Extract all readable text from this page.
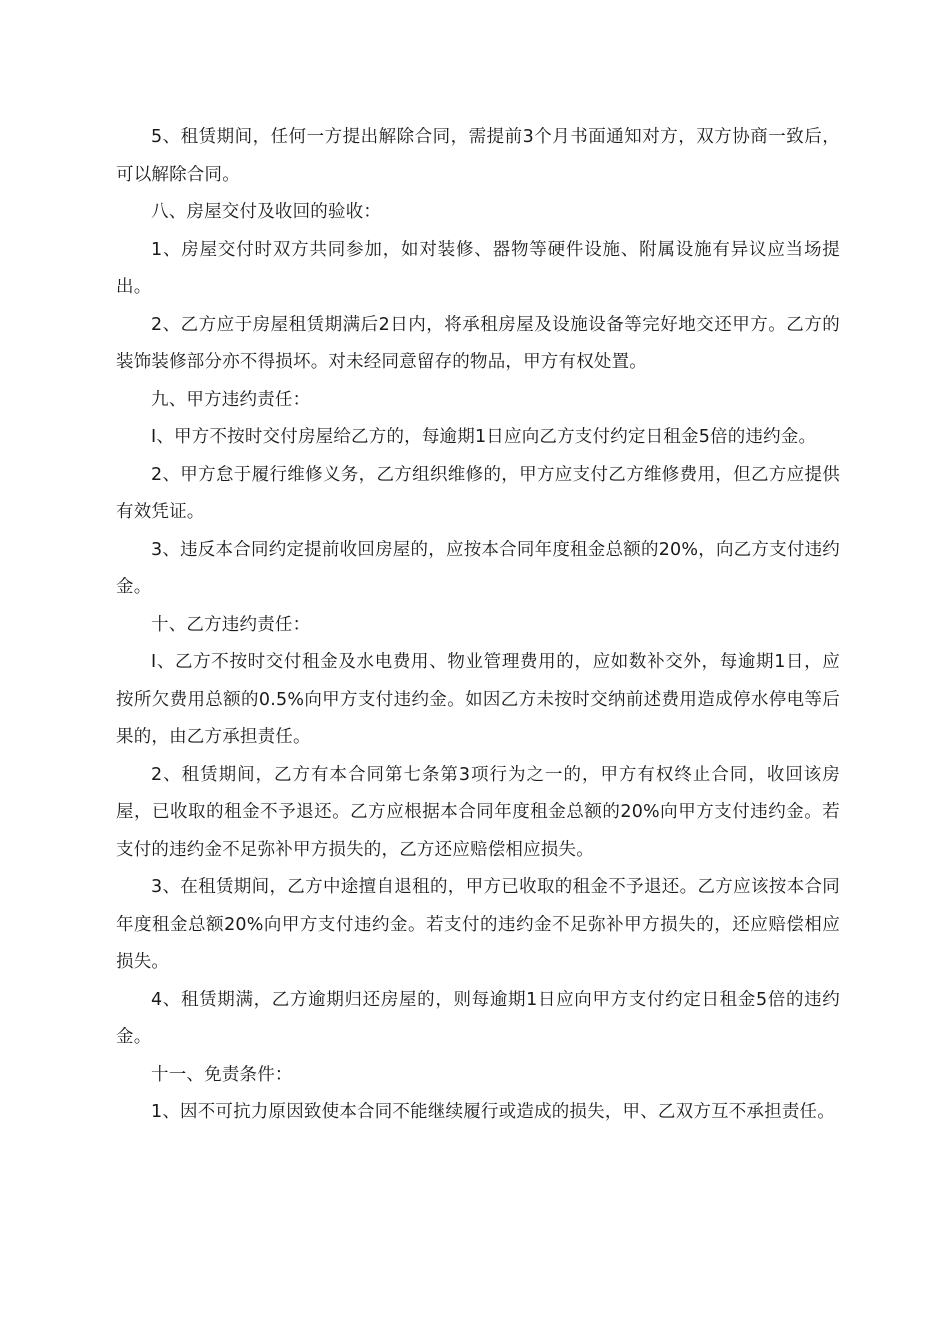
5、租赁期间，任何一方提出解除合同，需提前3个月书面通知对方，双方协商一致后，可以解除合同。

八、房屋交付及收回的验收：

1、房屋交付时双方共同参加，如对装修、器物等硬件设施、附属设施有异议应当场提出。

2、乙方应于房屋租赁期满后2日内，将承租房屋及设施设备等完好地交还甲方。乙方的装饰装修部分亦不得损坏。对未经同意留存的物品，甲方有权处置。

九、甲方违约责任：

I、甲方不按时交付房屋给乙方的，每逾期1日应向乙方支付约定日租金5倍的违约金。

2、甲方怠于履行维修义务，乙方组织维修的，甲方应支付乙方维修费用，但乙方应提供有效凭证。

3、违反本合同约定提前收回房屋的，应按本合同年度租金总额的20%，向乙方支付违约金。

十、乙方违约责任：

I、乙方不按时交付租金及水电费用、物业管理费用的，应如数补交外，每逾期1日，应按所欠费用总额的0.5%向甲方支付违约金。如因乙方未按时交纳前述费用造成停水停电等后果的，由乙方承担责任。

2、租赁期间，乙方有本合同第七条第3项行为之一的，甲方有权终止合同，收回该房屋，已收取的租金不予退还。乙方应根据本合同年度租金总额的20%向甲方支付违约金。若支付的违约金不足弥补甲方损失的，乙方还应赔偿相应损失。

3、在租赁期间，乙方中途擅自退租的，甲方已收取的租金不予退还。乙方应该按本合同年度租金总额20%向甲方支付违约金。若支付的违约金不足弥补甲方损失的，还应赔偿相应损失。

4、租赁期满，乙方逾期归还房屋的，则每逾期1日应向甲方支付约定日租金5倍的违约金。

十一、免责条件：

1、因不可抗力原因致使本合同不能继续履行或造成的损失，甲、乙双方互不承担责任。
